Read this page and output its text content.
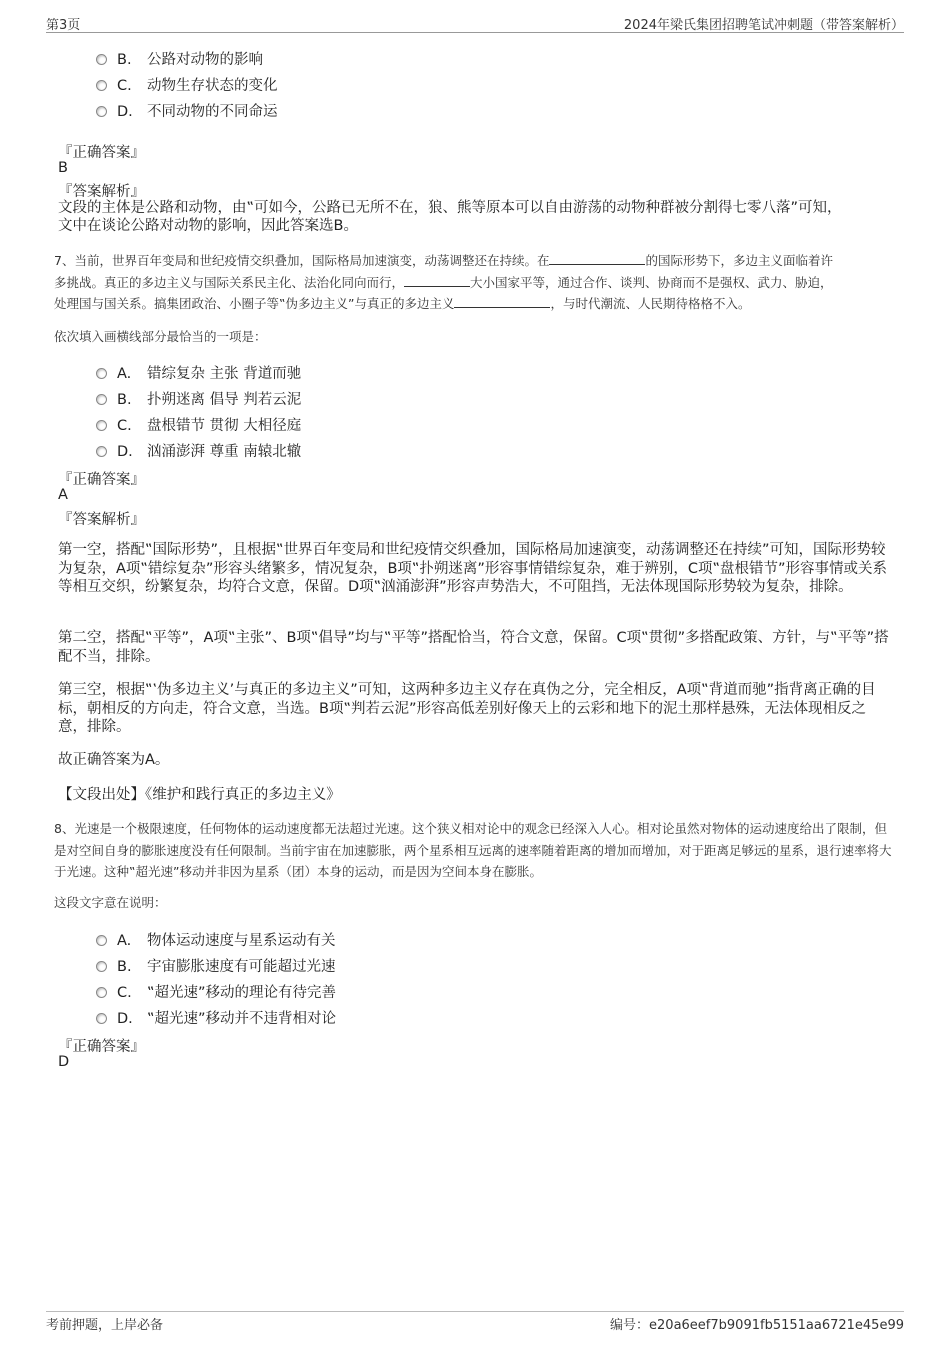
第3页	2024年梁氏集团招聘笔试冲刺题（带答案解析）
B. 公路对动物的影响
C. 动物生存状态的变化
D. 不同动物的不同命运
『正确答案』
B
『答案解析』
文段的主体是公路和动物，由‟可如今，公路已无所不在，狼、熊等原本可以自由游荡的动物种群被分割得七零八落”可知，
文中在谈论公路对动物的影响，因此答案选B。
7、当前，世界百年变局和世纪疫情交织叠加，国际格局加速演变，动荡调整还在持续。在	的国际形势下，多边主义面临着许
多挑战。真正的多边主义与国际关系民主化、法治化同向而行，	大小国家平等，通过合作、谈判、协商而不是强权、武力、胁迫，
处理国与国关系。搞集团政治、小圈子等‟伪多边主义”与真正的多边主义	，与时代潮流、人民期待格格不入。
依次填入画横线部分最恰当的一项是：
A. 错综复杂 主张 背道而驰
B. 扑朔迷离 倡导 判若云泥
C. 盘根错节 贯彻 大相径庭
D. 汹涌澎湃 尊重 南辕北辙
『正确答案』
A
『答案解析』
第一空，搭配‟国际形势”，且根据‟世界百年变局和世纪疫情交织叠加，国际格局加速演变，动荡调整还在持续”可知，国际形势较为复杂，A项‟错综复杂”形容头绪繁多，情况复杂，B项‟扑朔迷离”形容事情错综复杂，难于辨别，C项‟盘根错节”形容事情或关系等相互交织，纷繁复杂，均符合文意，保留。D项‟汹涌澎湃”形容声势浩大，不可阻挡，无法体现国际形势较为复杂，排除。
第二空，搭配‟平等”，A项‟主张”、B项‟倡导”均与‟平等”搭配恰当，符合文意，保留。C项‟贯彻”多搭配政策、方针，与‟平等”搭配不当，排除。
第三空，根据‟‛伪多边主义’与真正的多边主义”可知，这两种多边主义存在真伪之分，完全相反，A项‟背道而驰”指背离正确的目标，朝相反的方向走，符合文意，当选。B项‟判若云泥”形容高低差别好像天上的云彩和地下的泥土那样悬殊，无法体现相反之意，排除。
故正确答案为A。
【文段出处】《维护和践行真正的多边主义》
8、光速是一个极限速度，任何物体的运动速度都无法超过光速。这个狭义相对论中的观念已经深入人心。相对论虽然对物体的运动速度给出了限制，但是对空间自身的膨胀速度没有任何限制。当前宇宙在加速膨胀，两个星系相互远离的速率随着距离的增加而增加，对于距离足够远的星系，退行速率将大于光速。这种‟超光速”移动并非因为星系（团）本身的运动，而是因为空间本身在膨胀。
这段文字意在说明：
A. 物体运动速度与星系运动有关
B. 宇宙膨胀速度有可能超过光速
C. ‟超光速”移动的理论有待完善
D. ‟超光速”移动并不违背相对论
『正确答案』
D
考前押题，上岸必备	编号：e20a6eef7b9091fb5151aa6721e45e99
